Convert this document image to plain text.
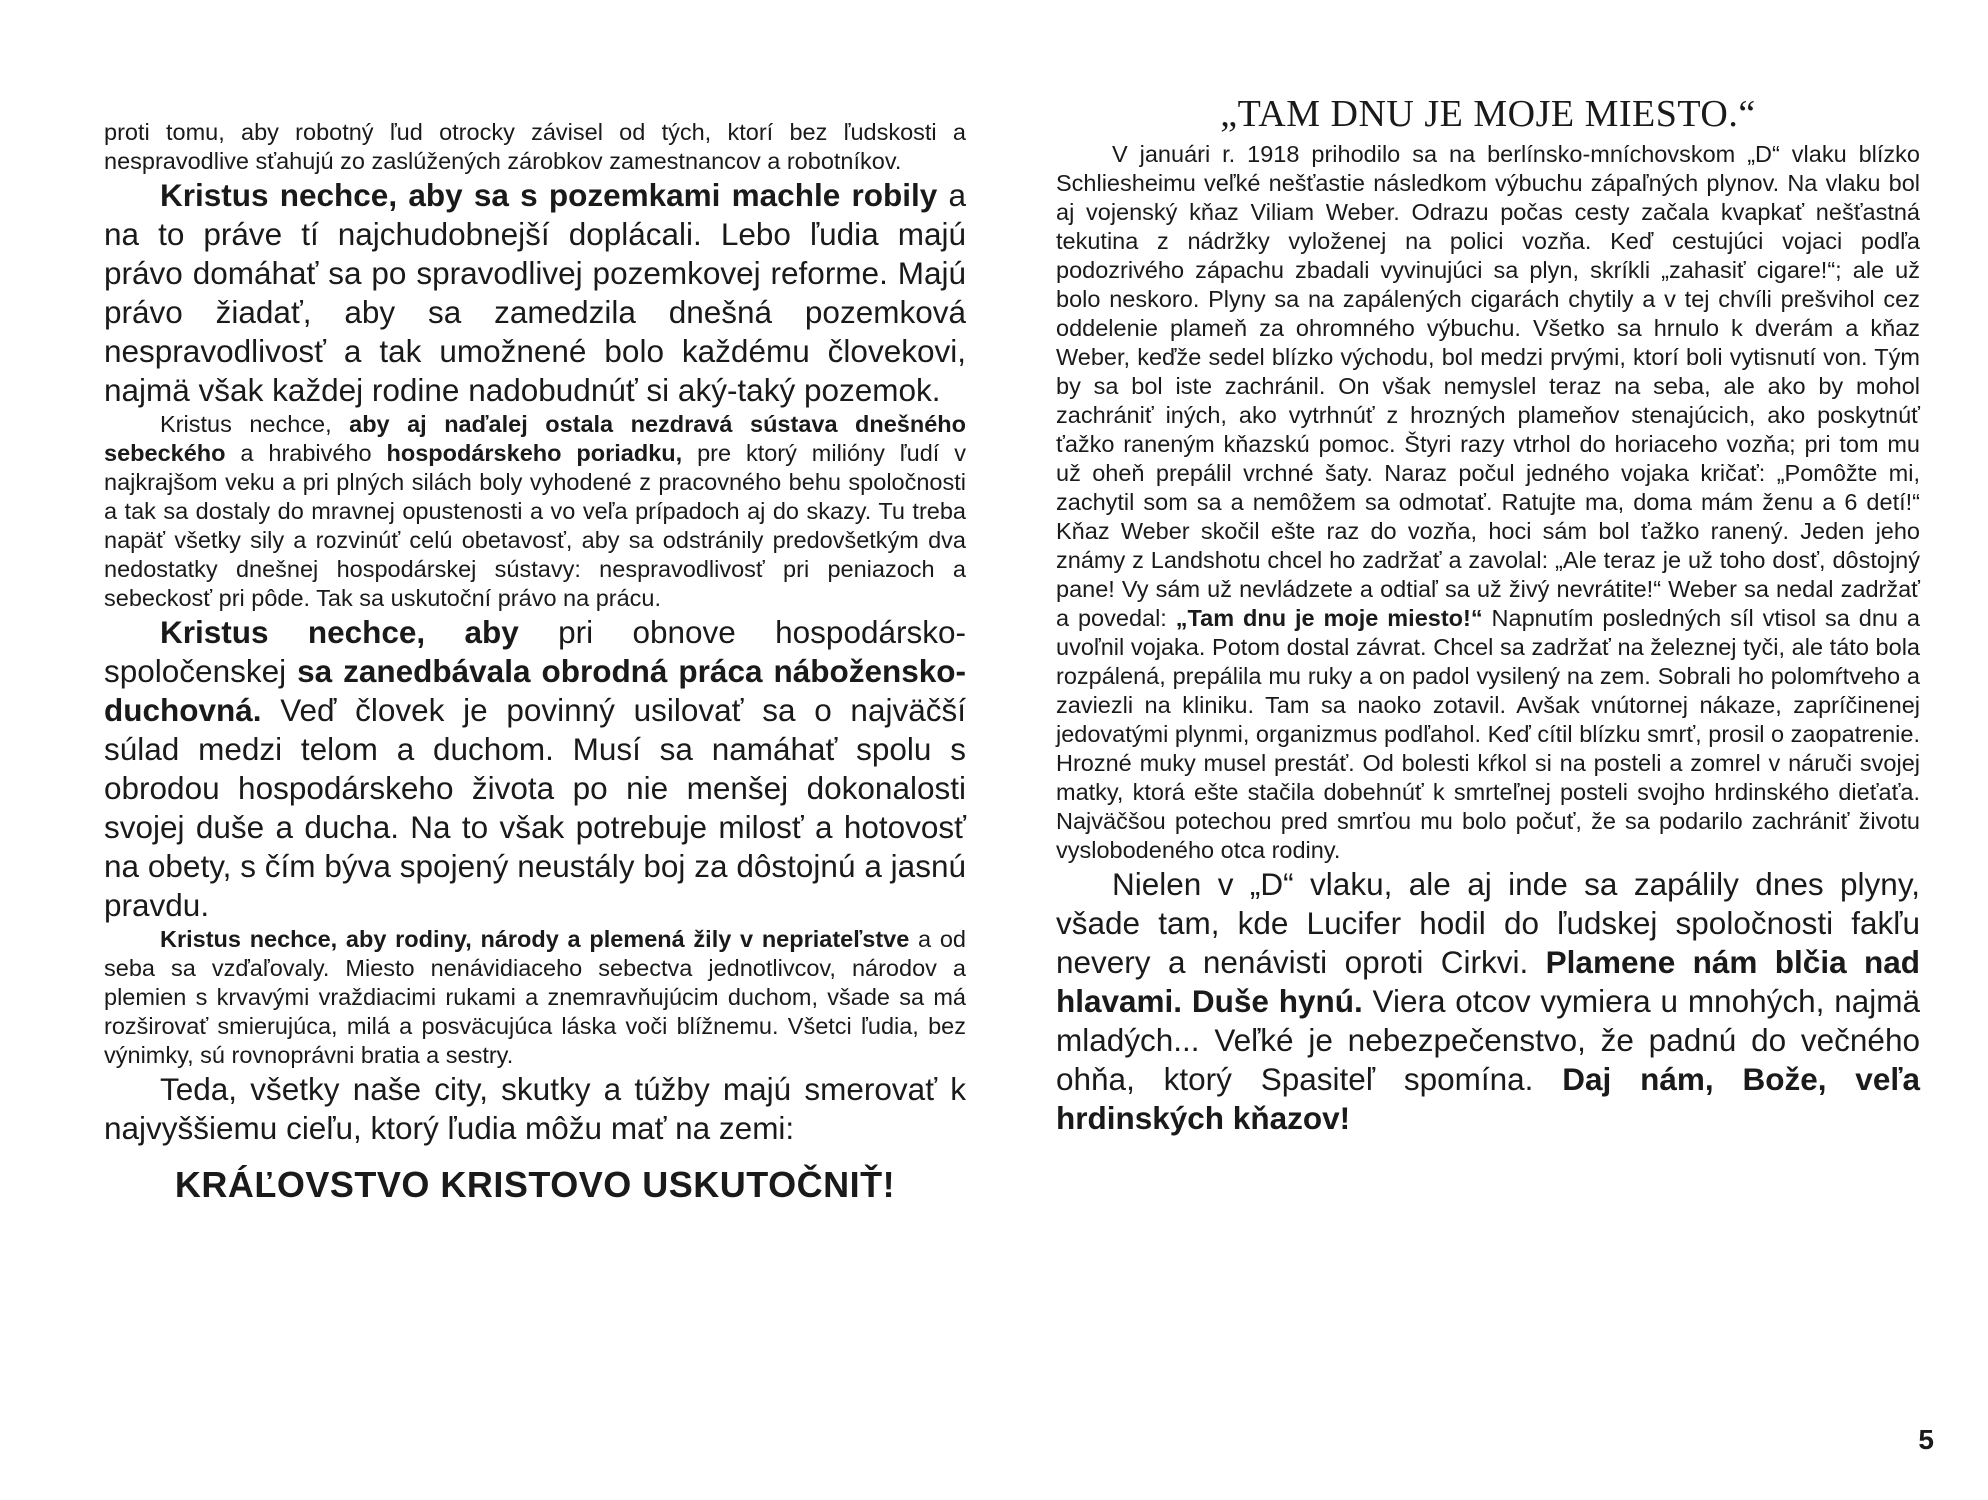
proti tomu, aby robotný ľud otrocky závisel od tých, ktorí bez ľudskosti a nespravodlive sťahujú zo zaslúžených zárobkov zamestnancov a robotníkov.

Kristus nechce, aby sa s pozemkami machle robily a na to práve tí najchudobnejší doplácali. Lebo ľudia majú právo domáhať sa po spravodlivej pozemkovej reforme. Majú právo žiadať, aby sa zamedzila dnešná pozemková nespravodlivosť a tak umožnené bolo každému človekovi, najmä však každej rodine nadobudnúť si aký-taký pozemok.

Kristus nechce, aby aj naďalej ostala nezdravá sústava dnešného sebeckého a hrabivého hospodárskeho poriadku, pre ktorý milióny ľudí v najkrajšom veku a pri plných silách boly vyhodené z pracovného behu spoločnosti a tak sa dostaly do mravnej opustenosti a vo veľa prípadoch aj do skazy. Tu treba napäť všetky sily a rozvinúť celú obetavosť, aby sa odstránily predovšetkým dva nedostatky dnešnej hospodárskej sústavy: nespravodlivosť pri peniazoch a sebeckosť pri pôde. Tak sa uskutoční právo na prácu.

Kristus nechce, aby pri obnove hospodársko-spoločenskej sa zanedbávala obrodná práca nábožensko-duchovná. Veď človek je povinný usilovať sa o najväčší súlad medzi telom a duchom. Musí sa namáhať spolu s obrodou hospodárskeho života po nie menšej dokonalosti svojej duše a ducha. Na to však potrebuje milosť a hotovosť na obety, s čím býva spojený neustály boj za dôstojnú a jasnú pravdu.

Kristus nechce, aby rodiny, národy a plemená žily v nepriateľstve a od seba sa vzďaľovaly. Miesto nenávidiaceho sebectva jednotlivcov, národov a plemien s krvavými vraždiacimi rukami a znemravňujúcim duchom, všade sa má rozširovať smierujúca, milá a posväcujúca láska voči blížnemu. Všetci ľudia, bez výnimky, sú rovnoprávni bratia a sestry.

Teda, všetky naše city, skutky a túžby majú smerovať k najvyššiemu cieľu, ktorý ľudia môžu mať na zemi:

KRÁĽOVSTVO KRISTOVO USKUTOČNIŤ!

„TAM DNU JE MOJE MIESTO.“

V januári r. 1918 prihodilo sa na berlínsko-mníchovskom „D“ vlaku blízko Schliesheimu veľké nešťastie následkom výbuchu zápaľných plynov. Na vlaku bol aj vojenský kňaz Viliam Weber. Odrazu počas cesty začala kvapkať nešťastná tekutina z nádržky vyloženej na polici vozňa. Keď cestujúci vojaci podľa podozrivého zápachu zbadali vyvinujúci sa plyn, skríkli „zahasiť cigare!“; ale už bolo neskoro. Plyny sa na zapálených cigarách chytily a v tej chvíli prešvihol cez oddelenie plameň za ohromného výbuchu. Všetko sa hrnulo k dverám a kňaz Weber, keďže sedel blízko východu, bol medzi prvými, ktorí boli vytisnutí von. Tým by sa bol iste zachránil. On však nemyslel teraz na seba, ale ako by mohol zachrániť iných, ako vytrhnúť z hrozných plameňov stenajúcich, ako poskytnúť ťažko raneným kňazskú pomoc. Štyri razy vtrhol do horiaceho vozňa; pri tom mu už oheň prepálil vrchné šaty. Naraz počul jedného vojaka kričať: „Pomôžte mi, zachytil som sa a nemôžem sa odmotať. Ratujte ma, doma mám ženu a 6 detí!“ Kňaz Weber skočil ešte raz do vozňa, hoci sám bol ťažko ranený. Jeden jeho známy z Landshotu chcel ho zadržať a zavolal: „Ale teraz je už toho dosť, dôstojný pane! Vy sám už nevládzete a odtiaľ sa už živý nevrátite!“ Weber sa nedal zadržať a povedal: „Tam dnu je moje miesto!“ Napnutím posledných síl vtisol sa dnu a uvoľnil vojaka. Potom dostal závrat. Chcel sa zadržať na železnej tyči, ale táto bola rozpálená, prepálila mu ruky a on padol vysilený na zem. Sobrali ho polomŕtveho a zaviezli na kliniku. Tam sa naoko zotavil. Avšak vnútornej nákaze, zapríčinenej jedovatými plynmi, organizmus podľahol. Keď cítil blízku smrť, prosil o zaopatrenie. Hrozné muky musel prestáť. Od bolesti kŕkol si na posteli a zomrel v náruči svojej matky, ktorá ešte stačila dobehnúť k smrteľnej posteli svojho hrdinského dieťaťa. Najväčšou potechou pred smrťou mu bolo počuť, že sa podarilo zachrániť životu vyslobodeného otca rodiny.

Nielen v „D“ vlaku, ale aj inde sa zapálily dnes plyny, všade tam, kde Lucifer hodil do ľudskej spoločnosti fakľu nevery a nenávisti oproti Cirkvi. Plamene nám blčia nad hlavami. Duše hynú. Viera otcov vymiera u mnohých, najmä mladých... Veľké je nebezpečenstvo, že padnú do večného ohňa, ktorý Spasiteľ spomína. Daj nám, Bože, veľa hrdinských kňazov!

5
